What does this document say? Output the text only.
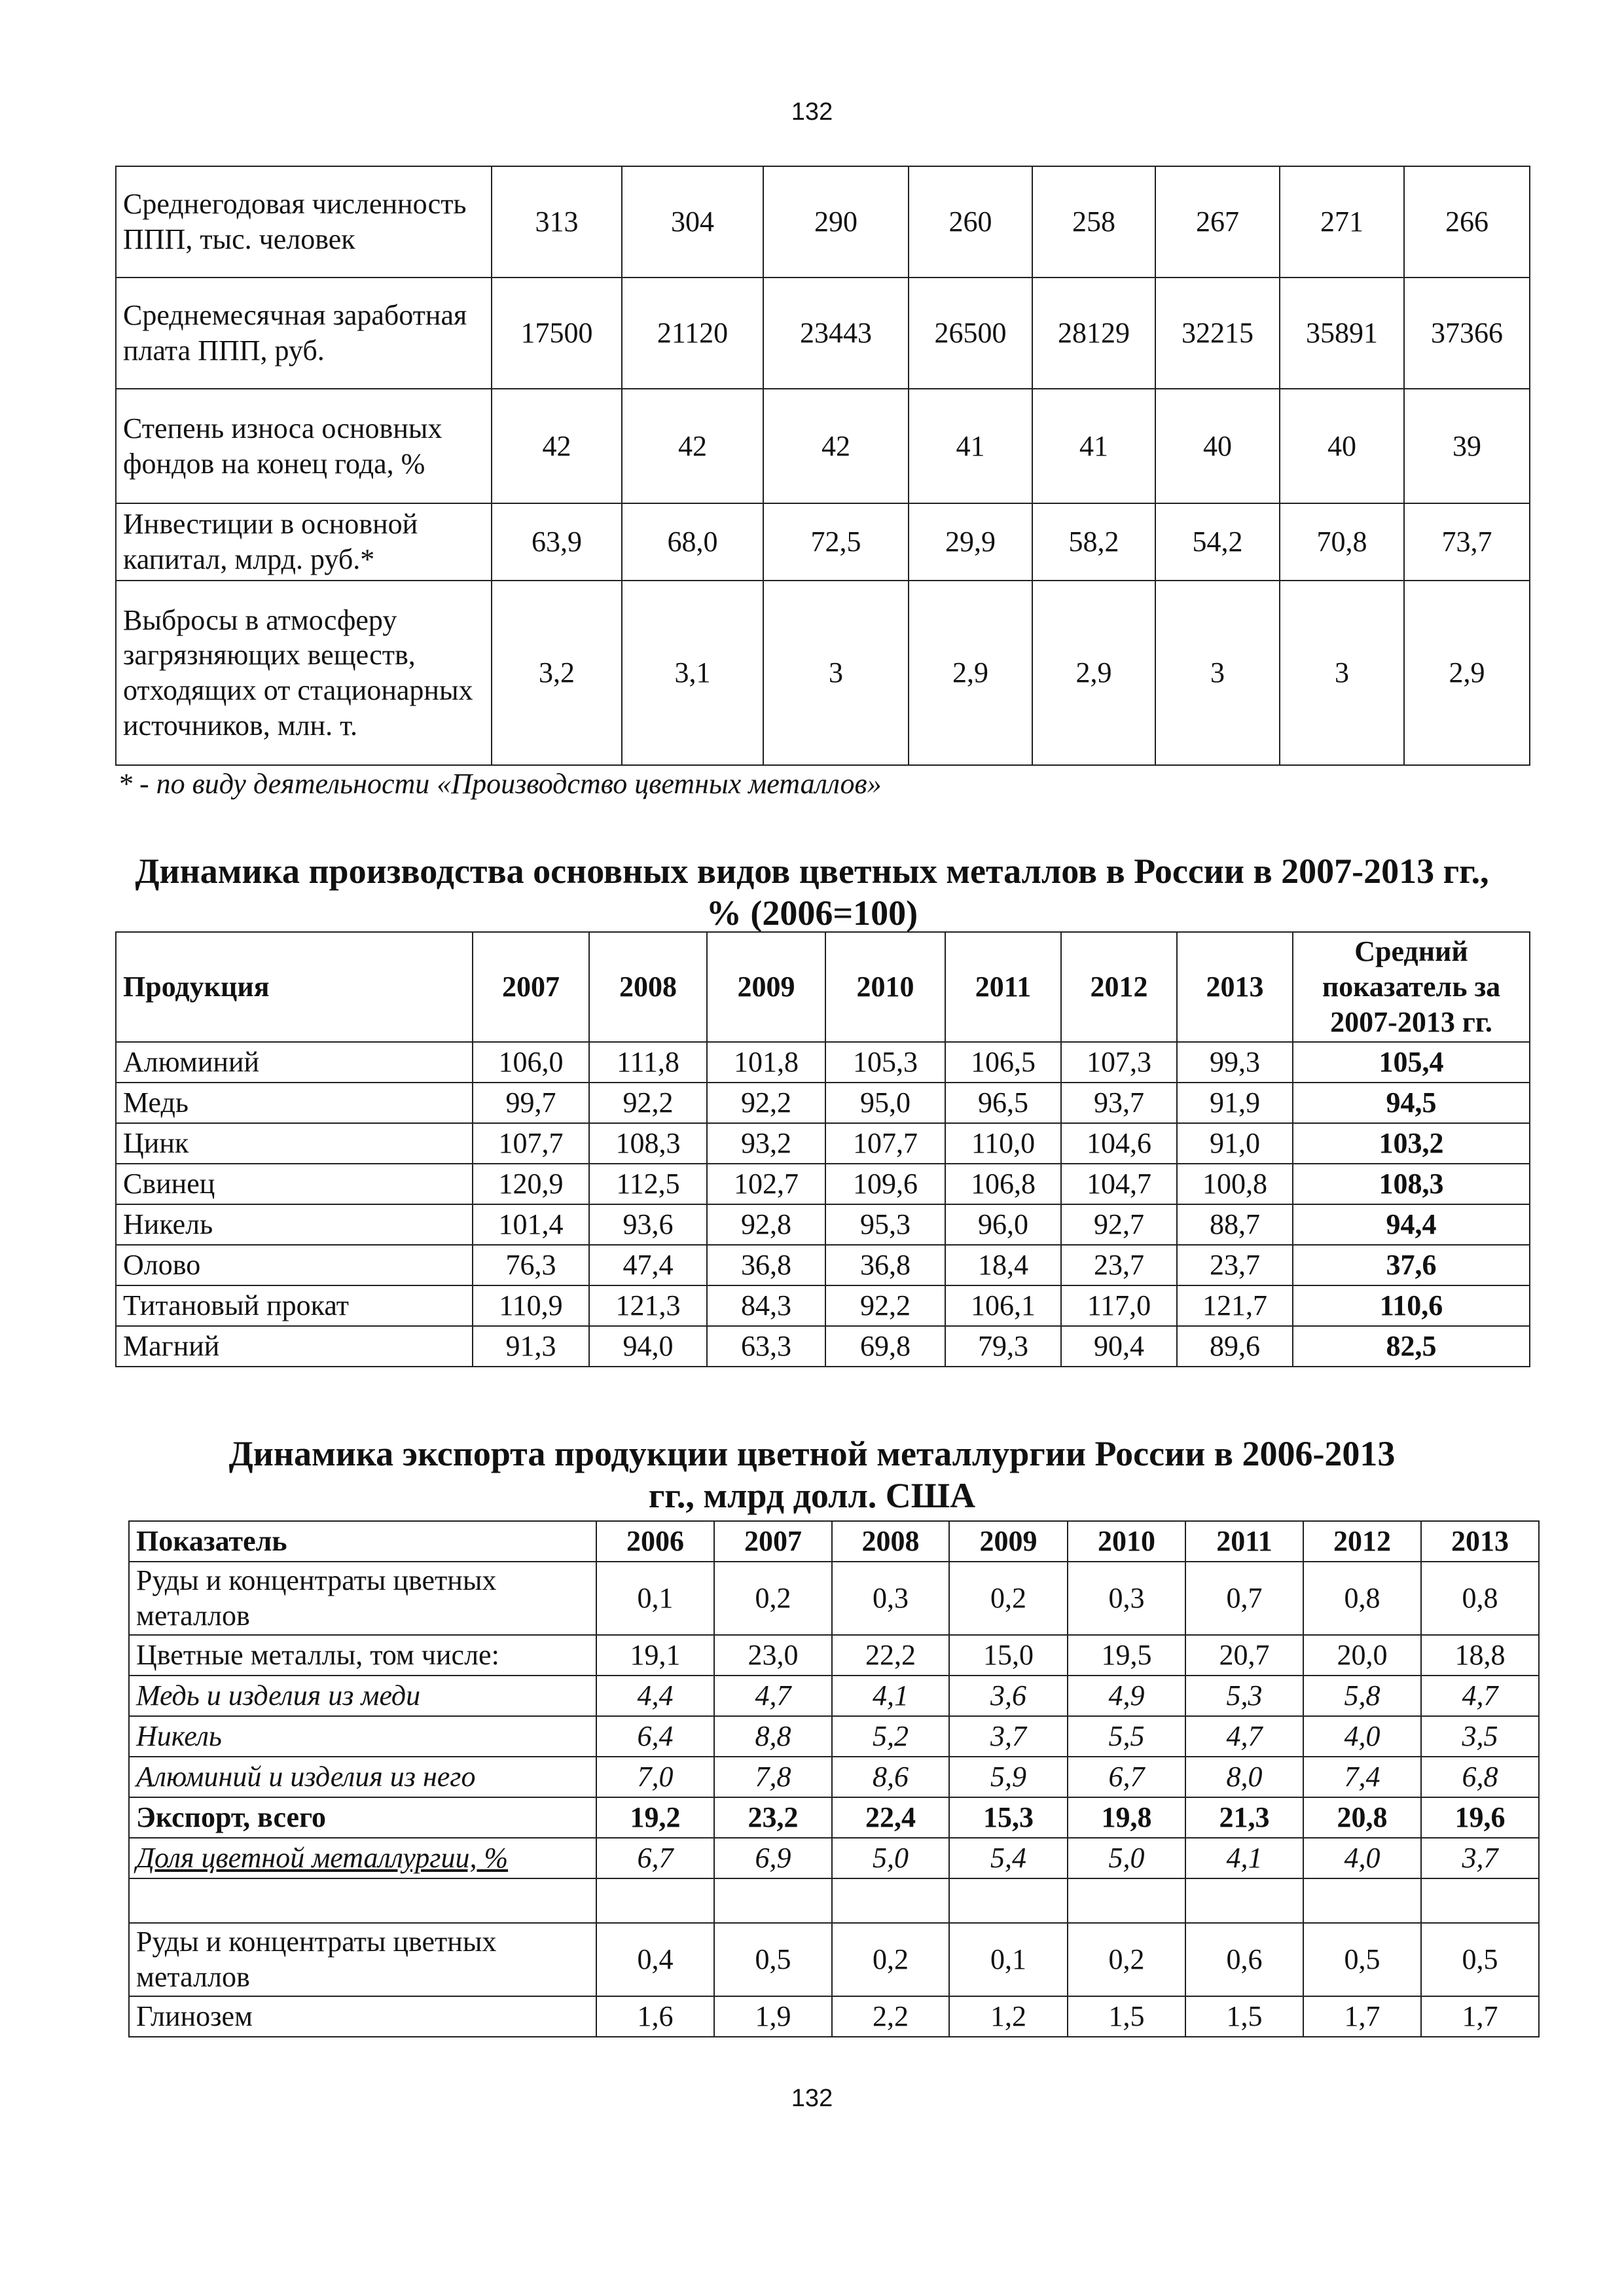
132
Среднегодовая численность ППП, тыс. человек	313	304	290	260	258	267	271	266
Среднемесячная заработная плата ППП, руб.	17500	21120	23443	26500	28129	32215	35891	37366
Степень износа основных фондов на конец года, %	42	42	42	41	41	40	40	39
Инвестиции в основной капитал, млрд. руб.*	63,9	68,0	72,5	29,9	58,2	54,2	70,8	73,7
Выбросы в атмосферу загрязняющих веществ, отходящих от стационарных источников, млн. т.	3,2	3,1	3	2,9	2,9	3	3	2,9
* - по виду деятельности «Производство цветных металлов»
Динамика производства основных видов цветных металлов в России в 2007-2013 гг., % (2006=100)
Продукция	2007	2008	2009	2010	2011	2012	2013	Средний показатель за 2007-2013 гг.
Алюминий	106,0	111,8	101,8	105,3	106,5	107,3	99,3	105,4
Медь	99,7	92,2	92,2	95,0	96,5	93,7	91,9	94,5
Цинк	107,7	108,3	93,2	107,7	110,0	104,6	91,0	103,2
Свинец	120,9	112,5	102,7	109,6	106,8	104,7	100,8	108,3
Никель	101,4	93,6	92,8	95,3	96,0	92,7	88,7	94,4
Олово	76,3	47,4	36,8	36,8	18,4	23,7	23,7	37,6
Титановый прокат	110,9	121,3	84,3	92,2	106,1	117,0	121,7	110,6
Магний	91,3	94,0	63,3	69,8	79,3	90,4	89,6	82,5
Динамика экспорта продукции цветной металлургии России в 2006-2013 гг., млрд долл. США
Показатель	2006	2007	2008	2009	2010	2011	2012	2013
Руды и концентраты цветных металлов	0,1	0,2	0,3	0,2	0,3	0,7	0,8	0,8
Цветные металлы, том числе:	19,1	23,0	22,2	15,0	19,5	20,7	20,0	18,8
Медь и изделия из меди	4,4	4,7	4,1	3,6	4,9	5,3	5,8	4,7
Никель	6,4	8,8	5,2	3,7	5,5	4,7	4,0	3,5
Алюминий и изделия из него	7,0	7,8	8,6	5,9	6,7	8,0	7,4	6,8
Экспорт, всего	19,2	23,2	22,4	15,3	19,8	21,3	20,8	19,6
Доля цветной металлургии, %	6,7	6,9	5,0	5,4	5,0	4,1	4,0	3,7

Руды и концентраты цветных металлов	0,4	0,5	0,2	0,1	0,2	0,6	0,5	0,5
Глинозем	1,6	1,9	2,2	1,2	1,5	1,5	1,7	1,7
132
